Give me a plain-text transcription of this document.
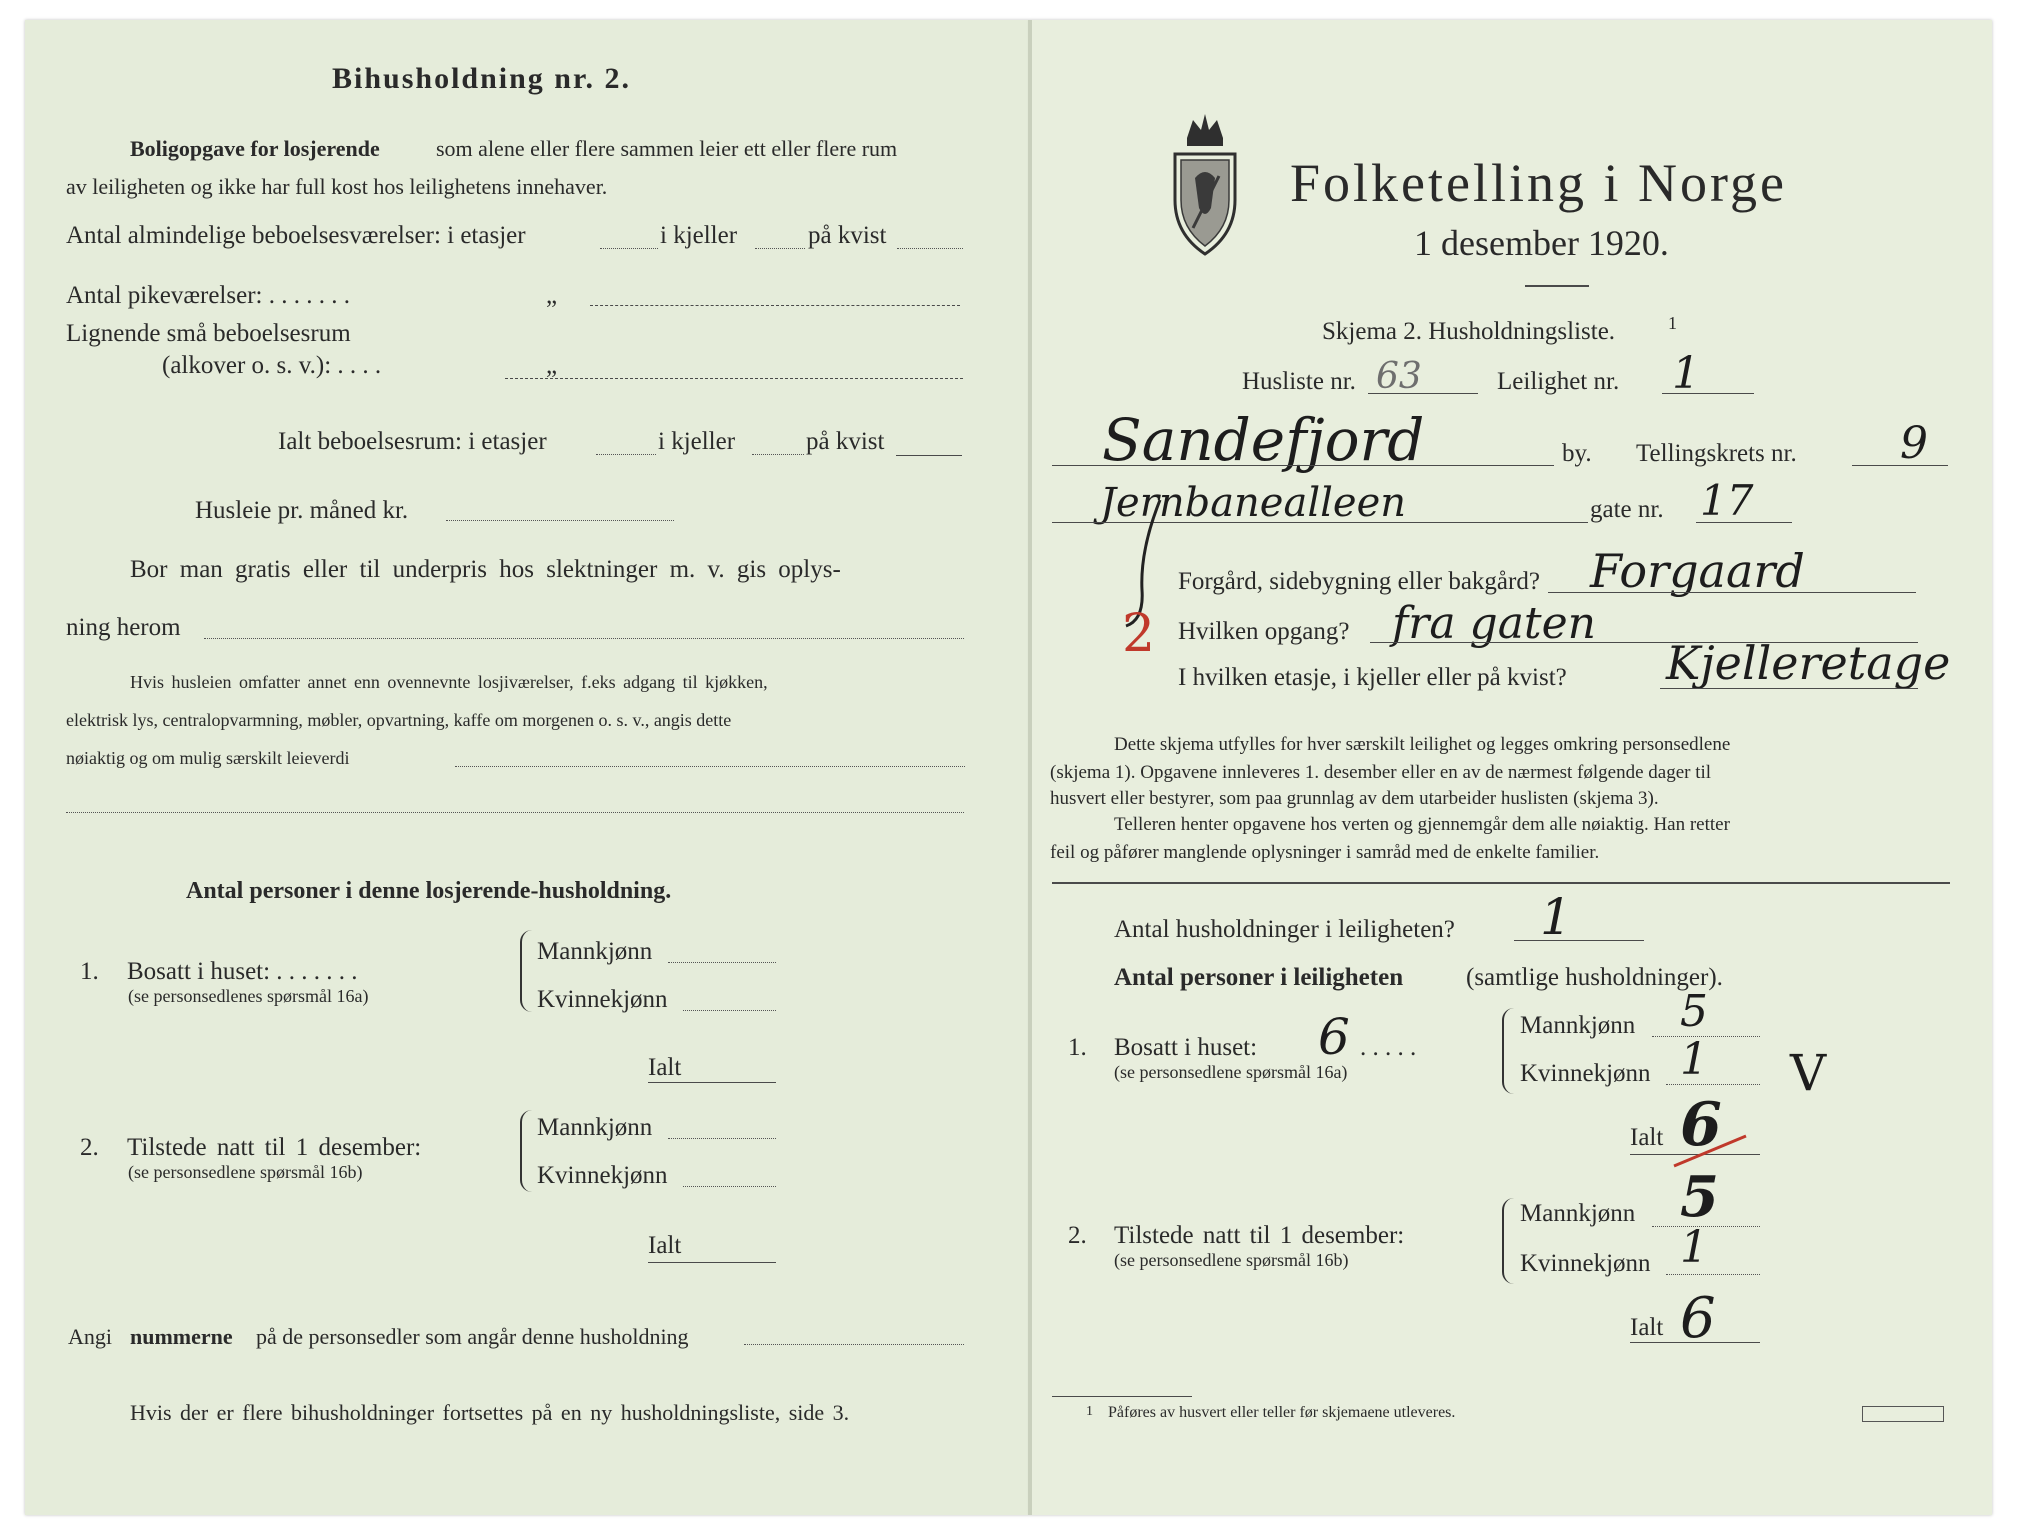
Bihusholdning nr. 2.
Boligopgave for losjerende	som alene eller flere sammen leier ett eller flere rum
av leiligheten og ikke har full kost hos leilighetens innehaver.
Antal almindelige beboelsesværelser: i etasjer	i kjeller	på kvist
Antal pikeværelser: . . . . . . .	„
Lignende små beboelsesrum
(alkover o. s. v.): . . . .	„
Ialt beboelsesrum: i etasjer	i kjeller	på kvist
Husleie pr. måned kr.
Bor man gratis eller til underpris hos slektninger m. v. gis oplys-
ning herom
Hvis husleien omfatter annet enn ovennevnte losjiværelser, f.eks adgang til kjøkken,
elektrisk lys, centralopvarmning, møbler, opvartning, kaffe om morgenen o. s. v., angis dette
nøiaktig og om mulig særskilt leieverdi
Antal personer i denne losjerende-husholdning.
1. Bosatt i huset: . . . . . . .
(se personsedlenes spørsmål 16a)
Mannkjønn
Kvinnekjønn
Ialt
2. Tilstede natt til 1 desember:
(se personsedlene spørsmål 16b)
Mannkjønn
Kvinnekjønn
Ialt
Angi nummerne på de personsedler som angår denne husholdning
Hvis der er flere bihusholdninger fortsettes på en ny husholdningsliste, side 3.
Folketelling i Norge
1 desember 1920.
Skjema 2. Husholdningsliste.	1
Husliste nr. 63	Leilighet nr. 1
Sandefjord	by. Tellingskrets nr. 9
Jernbanealleen	gate nr. 17
Forgård, sidebygning eller bakgård? Forgaard
2 Hvilken opgang? fra gaten
I hvilken etasje, i kjeller eller på kvist? Kjelleretage
Dette skjema utfylles for hver særskilt leilighet og legges omkring personsedlene
(skjema 1). Opgavene innleveres 1. desember eller en av de nærmest følgende dager til
husvert eller bestyrer, som paa grunnlag av dem utarbeider huslisten (skjema 3).
Telleren henter opgavene hos verten og gjennemgår dem alle nøiaktig. Han retter
feil og påfører manglende oplysninger i samråd med de enkelte familier.
Antal husholdninger i leiligheten? 1
Antal personer i leiligheten	(samtlige husholdninger).
1. Bosatt i huset: 6 . . . . .
(se personsedlene spørsmål 16a)
Mannkjønn 5
Kvinnekjønn 1 V
Ialt 6
2. Tilstede natt til 1 desember:
(se personsedlene spørsmål 16b)
Mannkjønn 5
Kvinnekjønn 1
Ialt 6
1 Påføres av husvert eller teller før skjemaene utleveres.
